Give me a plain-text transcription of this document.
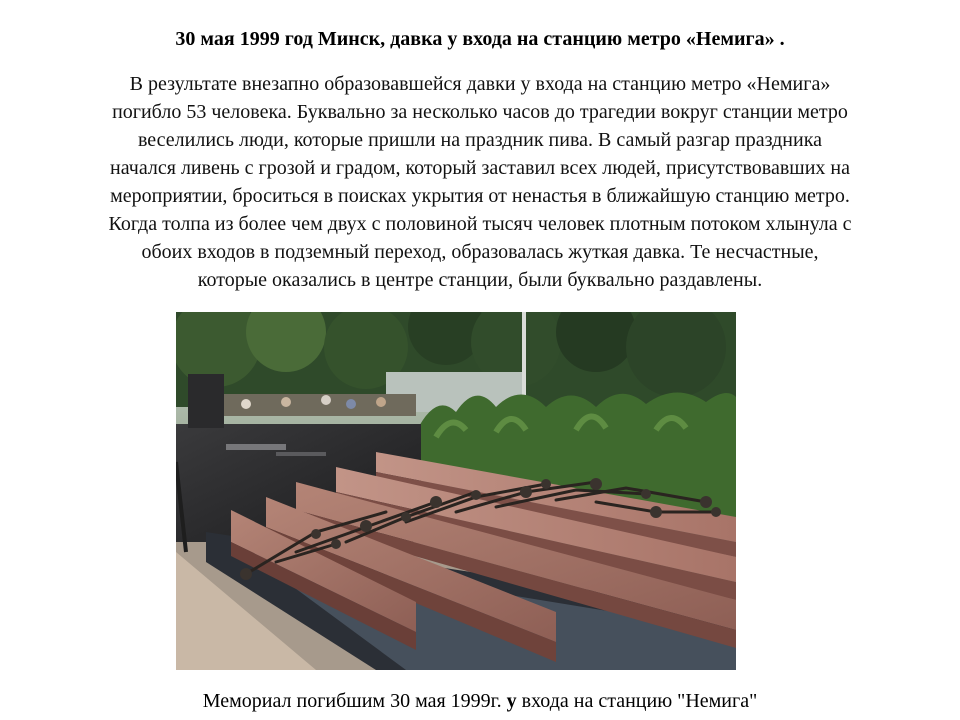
30 мая 1999 год Минск, давка у входа на станцию метро «Немига» .
В результате внезапно образовавшейся давки у входа на станцию метро «Немига»
погибло 53 человека. Буквально за несколько часов до трагедии вокруг станции метро
веселились люди, которые пришли на праздник пива. В самый разгар праздника
начался ливень с грозой и градом, который заставил всех людей, присутствовавших на
мероприятии, броситься в поисках укрытия от ненастья в ближайшую станцию метро.
Когда толпа из более чем двух с половиной тысяч человек плотным потоком хлынула с
обоих входов в подземный переход, образовалась жуткая давка. Те несчастные,
которые оказались в центре станции, были буквально раздавлены.
Мемориал погибшим 30 мая 1999г. у входа на станцию "Немига"
